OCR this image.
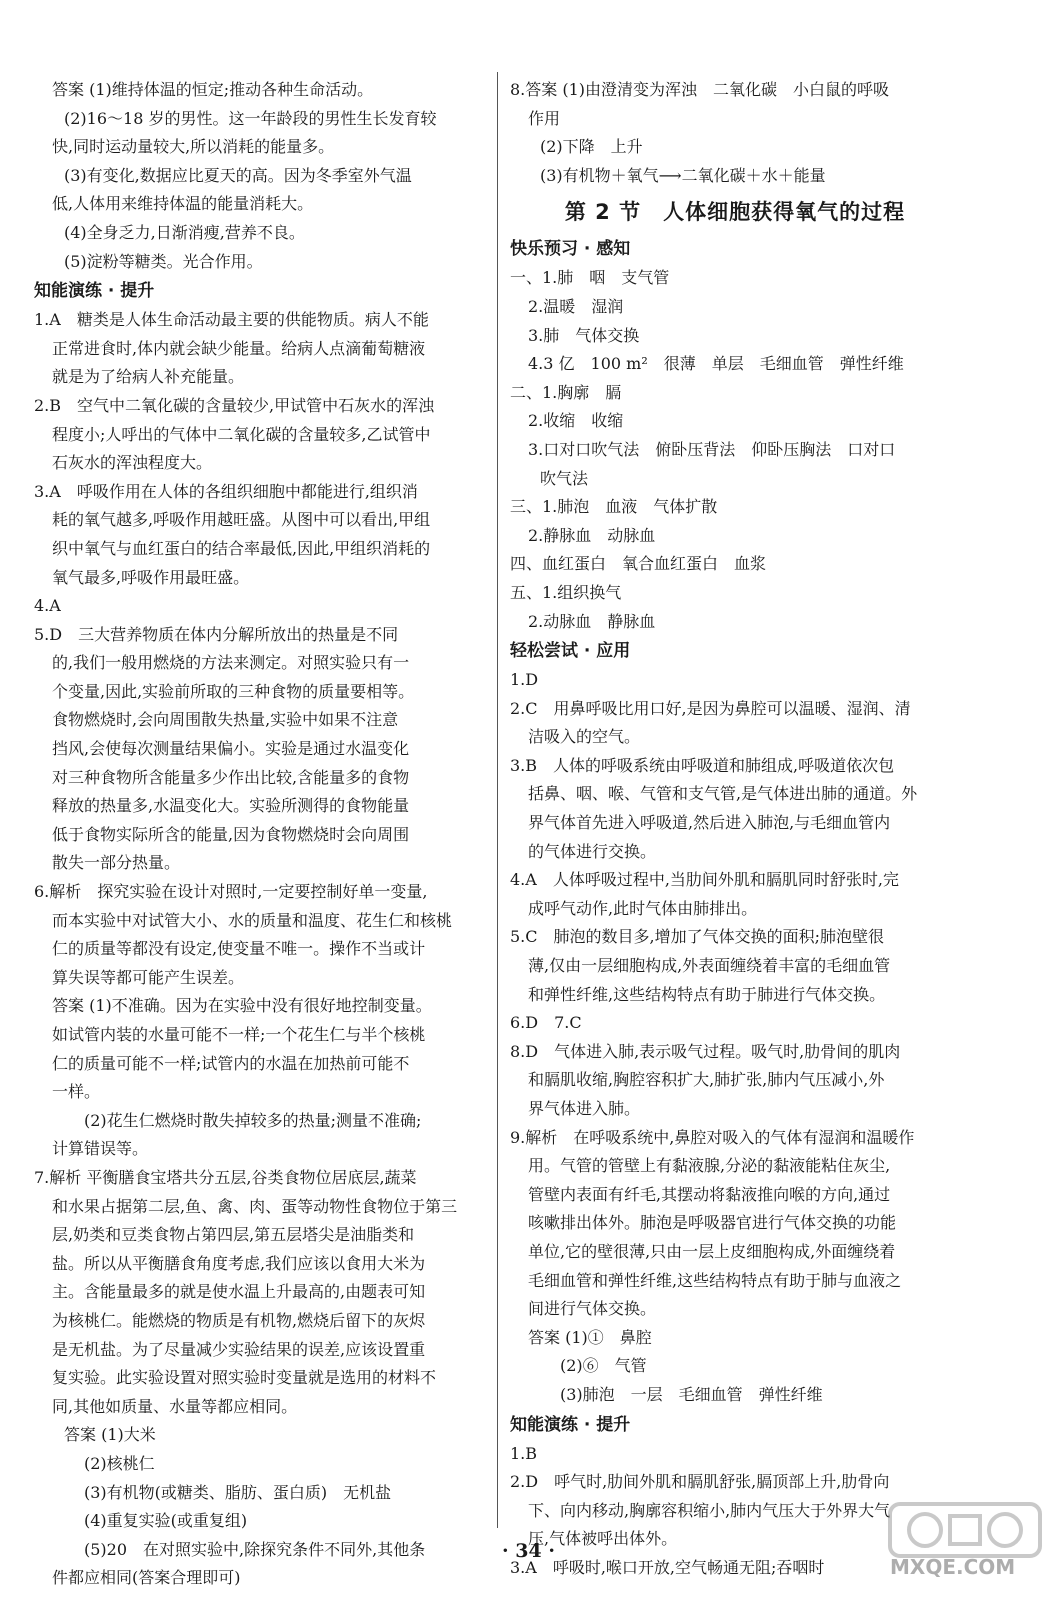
答案 (1)维持体温的恒定;推动各种生命活动。
(2)16～18 岁的男性。这一年龄段的男性生长发育较
快,同时运动量较大,所以消耗的能量多。
(3)有变化,数据应比夏天的高。因为冬季室外气温
低,人体用来维持体温的能量消耗大。
(4)全身乏力,日渐消瘦,营养不良。
(5)淀粉等糖类。光合作用。
知能演练 · 提升
1.A　糖类是人体生命活动最主要的供能物质。病人不能
正常进食时,体内就会缺少能量。给病人点滴葡萄糖液
就是为了给病人补充能量。
2.B　空气中二氧化碳的含量较少,甲试管中石灰水的浑浊
程度小;人呼出的气体中二氧化碳的含量较多,乙试管中
石灰水的浑浊程度大。
3.A　呼吸作用在人体的各组织细胞中都能进行,组织消
耗的氧气越多,呼吸作用越旺盛。从图中可以看出,甲组
织中氧气与血红蛋白的结合率最低,因此,甲组织消耗的
氧气最多,呼吸作用最旺盛。
4.A
5.D　三大营养物质在体内分解所放出的热量是不同
的,我们一般用燃烧的方法来测定。对照实验只有一
个变量,因此,实验前所取的三种食物的质量要相等。
食物燃烧时,会向周围散失热量,实验中如果不注意
挡风,会使每次测量结果偏小。实验是通过水温变化
对三种食物所含能量多少作出比较,含能量多的食物
释放的热量多,水温变化大。实验所测得的食物能量
低于食物实际所含的能量,因为食物燃烧时会向周围
散失一部分热量。
6.解析　探究实验在设计对照时,一定要控制好单一变量,
而本实验中对试管大小、水的质量和温度、花生仁和核桃
仁的质量等都没有设定,使变量不唯一。操作不当或计
算失误等都可能产生误差。
答案 (1)不准确。因为在实验中没有很好地控制变量。
如试管内装的水量可能不一样;一个花生仁与半个核桃
仁的质量可能不一样;试管内的水温在加热前可能不
一样。
(2)花生仁燃烧时散失掉较多的热量;测量不准确;
计算错误等。
7.解析 平衡膳食宝塔共分五层,谷类食物位居底层,蔬菜
和水果占据第二层,鱼、禽、肉、蛋等动物性食物位于第三
层,奶类和豆类食物占第四层,第五层塔尖是油脂类和
盐。所以从平衡膳食角度考虑,我们应该以食用大米为
主。含能量最多的就是使水温上升最高的,由题表可知
为核桃仁。能燃烧的物质是有机物,燃烧后留下的灰烬
是无机盐。为了尽量减少实验结果的误差,应该设置重
复实验。此实验设置对照实验时变量就是选用的材料不
同,其他如质量、水量等都应相同。
答案 (1)大米
(2)核桃仁
(3)有机物(或糖类、脂肪、蛋白质)　无机盐
(4)重复实验(或重复组)
(5)20　在对照实验中,除探究条件不同外,其他条
件都应相同(答案合理即可)
8.答案 (1)由澄清变为浑浊　二氧化碳　小白鼠的呼吸
作用
(2)下降　上升
(3)有机物＋氧气⟶二氧化碳＋水＋能量
第 2 节　人体细胞获得氧气的过程
快乐预习 · 感知
一、1.肺　咽　支气管
2.温暖　湿润
3.肺　气体交换
4.3 亿　100 m²　很薄　单层　毛细血管　弹性纤维
二、1.胸廓　膈
2.收缩　收缩
3.口对口吹气法　俯卧压背法　仰卧压胸法　口对口
吹气法
三、1.肺泡　血液　气体扩散
2.静脉血　动脉血
四、血红蛋白　氧合血红蛋白　血浆
五、1.组织换气
2.动脉血　静脉血
轻松尝试 · 应用
1.D
2.C　用鼻呼吸比用口好,是因为鼻腔可以温暖、湿润、清
洁吸入的空气。
3.B　人体的呼吸系统由呼吸道和肺组成,呼吸道依次包
括鼻、咽、喉、气管和支气管,是气体进出肺的通道。外
界气体首先进入呼吸道,然后进入肺泡,与毛细血管内
的气体进行交换。
4.A　人体呼吸过程中,当肋间外肌和膈肌同时舒张时,完
成呼气动作,此时气体由肺排出。
5.C　肺泡的数目多,增加了气体交换的面积;肺泡壁很
薄,仅由一层细胞构成,外表面缠绕着丰富的毛细血管
和弹性纤维,这些结构特点有助于肺进行气体交换。
6.D　7.C
8.D　气体进入肺,表示吸气过程。吸气时,肋骨间的肌肉
和膈肌收缩,胸腔容积扩大,肺扩张,肺内气压减小,外
界气体进入肺。
9.解析　在呼吸系统中,鼻腔对吸入的气体有湿润和温暖作
用。气管的管壁上有黏液腺,分泌的黏液能粘住灰尘,
管壁内表面有纤毛,其摆动将黏液推向喉的方向,通过
咳嗽排出体外。肺泡是呼吸器官进行气体交换的功能
单位,它的壁很薄,只由一层上皮细胞构成,外面缠绕着
毛细血管和弹性纤维,这些结构特点有助于肺与血液之
间进行气体交换。
答案 (1)①　鼻腔
(2)⑥　气管
(3)肺泡　一层　毛细血管　弹性纤维
知能演练 · 提升
1.B
2.D　呼气时,肋间外肌和膈肌舒张,膈顶部上升,肋骨向
下、向内移动,胸廓容积缩小,肺内气压大于外界大气
压,气体被呼出体外。
3.A　呼吸时,喉口开放,空气畅通无阻;吞咽时	MXQE.COM
· 34 ·
